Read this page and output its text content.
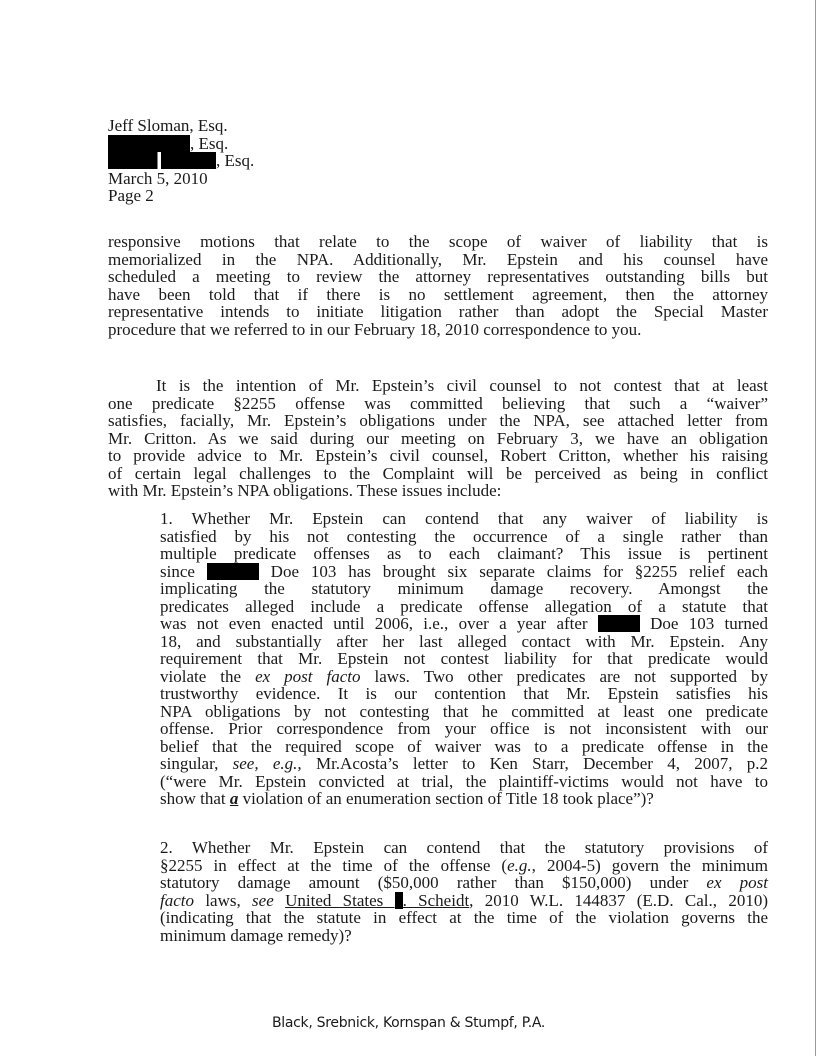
Jeff Sloman, Esq.
, Esq.
, Esq.
March 5, 2010
Page 2
responsive motions that relate to the scope of waiver of liability that is
memorialized in the NPA. Additionally, Mr. Epstein and his counsel have
scheduled a meeting to review the attorney representatives outstanding bills but
have been told that if there is no settlement agreement, then the attorney
representative intends to initiate litigation rather than adopt the Special Master
procedure that we referred to in our February 18, 2010 correspondence to you.
It is the intention of Mr. Epstein’s civil counsel to not contest that at least
one predicate §2255 offense was committed believing that such a “waiver”
satisfies, facially, Mr. Epstein’s obligations under the NPA, see attached letter from
Mr. Critton. As we said during our meeting on February 3, we have an obligation
to provide advice to Mr. Epstein’s civil counsel, Robert Critton, whether his raising
of certain legal challenges to the Complaint will be perceived as being in conflict
with Mr. Epstein’s NPA obligations. These issues include:
1. Whether Mr. Epstein can contend that any waiver of liability is
satisfied by his not contesting the occurrence of a single rather than
multiple predicate offenses as to each claimant? This issue is pertinent
since	Doe 103 has brought six separate claims for §2255 relief each
implicating the statutory minimum damage recovery. Amongst the
predicates alleged include a predicate offense allegation of a statute that
was not even enacted until 2006, i.e., over a year after  Doe 103 turned
18, and substantially after her last alleged contact with Mr. Epstein. Any
requirement that Mr. Epstein not contest liability for that predicate would
violate the ex post facto laws. Two other predicates are not supported by
trustworthy evidence. It is our contention that Mr. Epstein satisfies his
NPA obligations by not contesting that he committed at least one predicate
offense. Prior correspondence from your office is not inconsistent with our
belief that the required scope of waiver was to a predicate offense in the
singular, see, e.g., Mr.Acosta’s letter to Ken Starr, December 4, 2007, p.2
(“were Mr. Epstein convicted at trial, the plaintiff-victims would not have to
show that a violation of an enumeration section of Title 18 took place”)?
2. Whether Mr. Epstein can contend that the statutory provisions of
§2255 in effect at the time of the offense (e.g., 2004-5) govern the minimum
statutory damage amount ($50,000 rather than $150,000) under ex post
facto laws, see United States . Scheidt, 2010 W.L. 144837 (E.D. Cal., 2010)
(indicating that the statute in effect at the time of the violation governs the
minimum damage remedy)?
Black, Srebnick, Kornspan & Stumpf, P.A.
